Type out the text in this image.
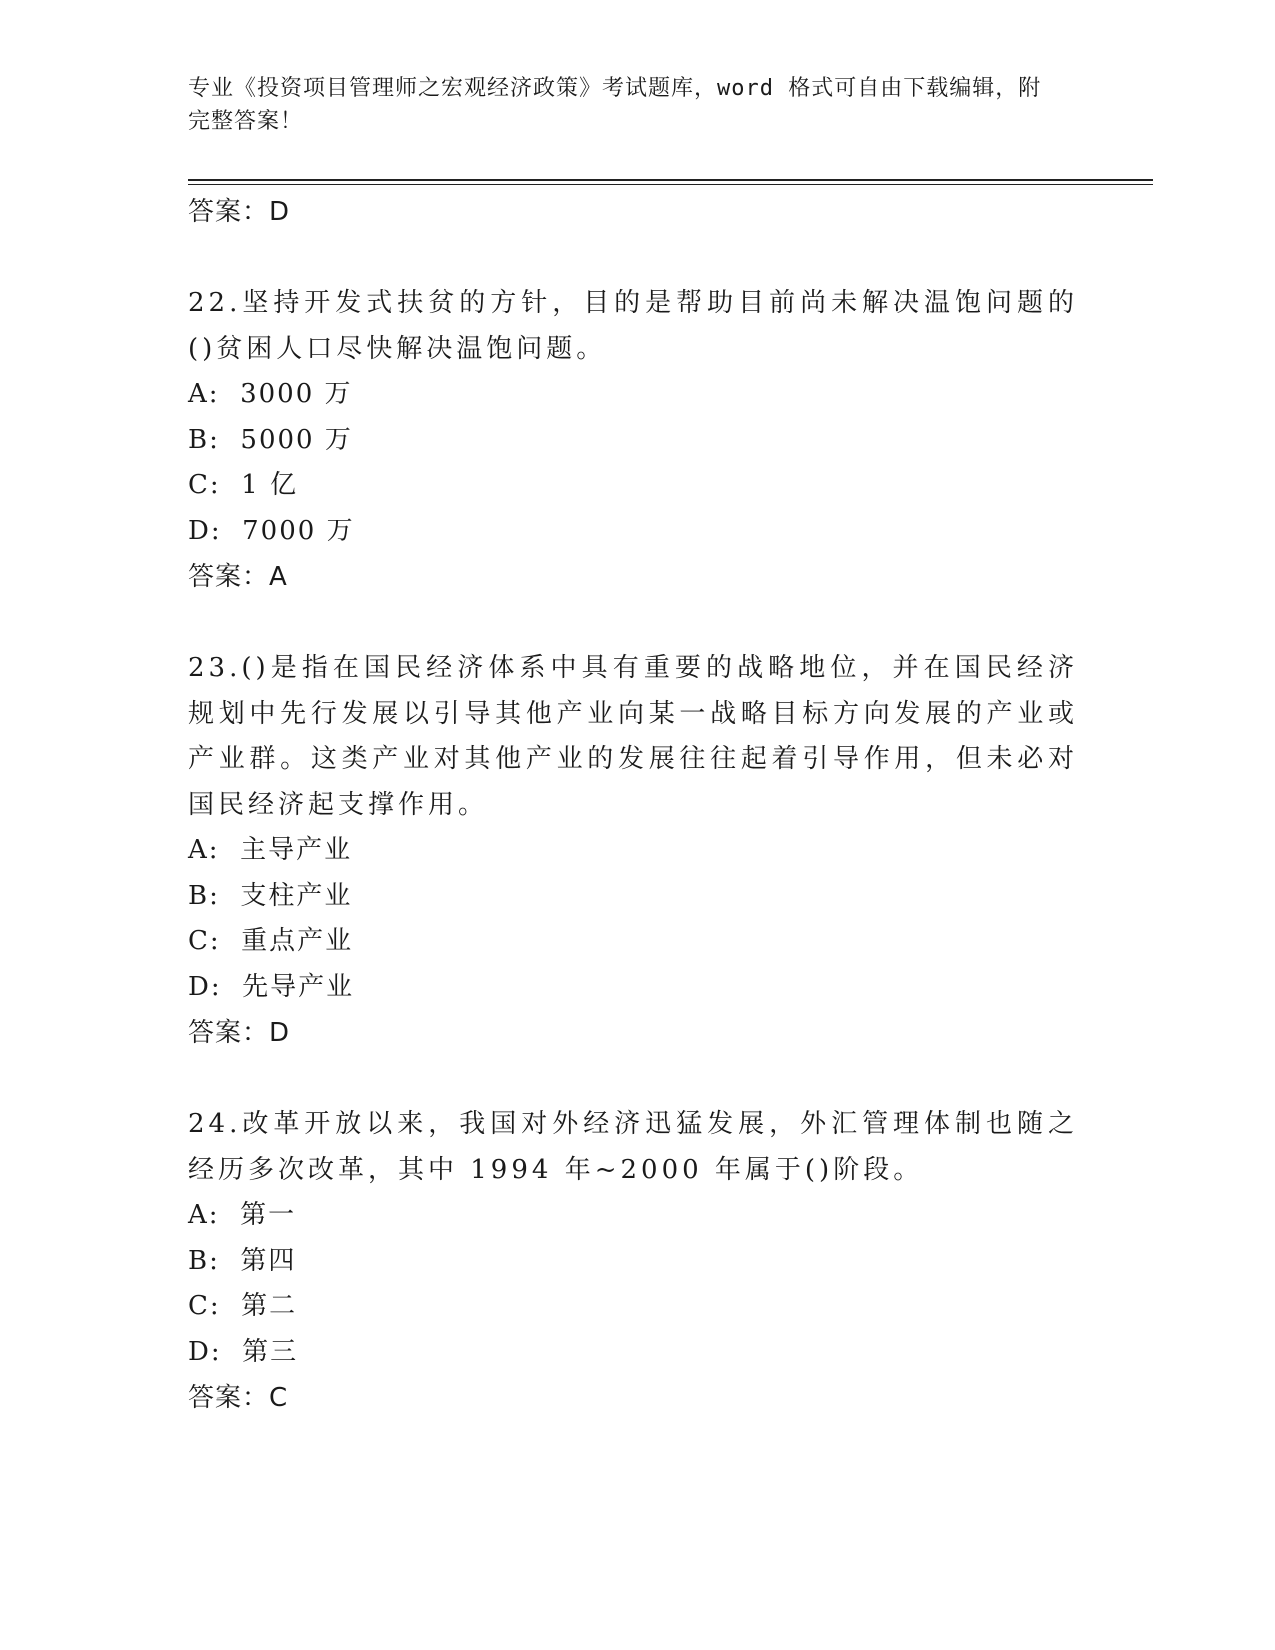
专业《投资项目管理师之宏观经济政策》考试题库，word 格式可自由下载编辑，附完整答案！
答案：D
22.坚持开发式扶贫的方针，目的是帮助目前尚未解决温饱问题的()贫困人口尽快解决温饱问题。
A:  3000 万
B:  5000 万
C:  1 亿
D:  7000 万
答案：A
23.()是指在国民经济体系中具有重要的战略地位，并在国民经济规划中先行发展以引导其他产业向某一战略目标方向发展的产业或产业群。这类产业对其他产业的发展往往起着引导作用，但未必对国民经济起支撑作用。
A:  主导产业
B:  支柱产业
C:  重点产业
D:  先导产业
答案：D
24.改革开放以来，我国对外经济迅猛发展，外汇管理体制也随之经历多次改革，其中 1994 年~2000 年属于()阶段。
A:  第一
B:  第四
C:  第二
D:  第三
答案：C
